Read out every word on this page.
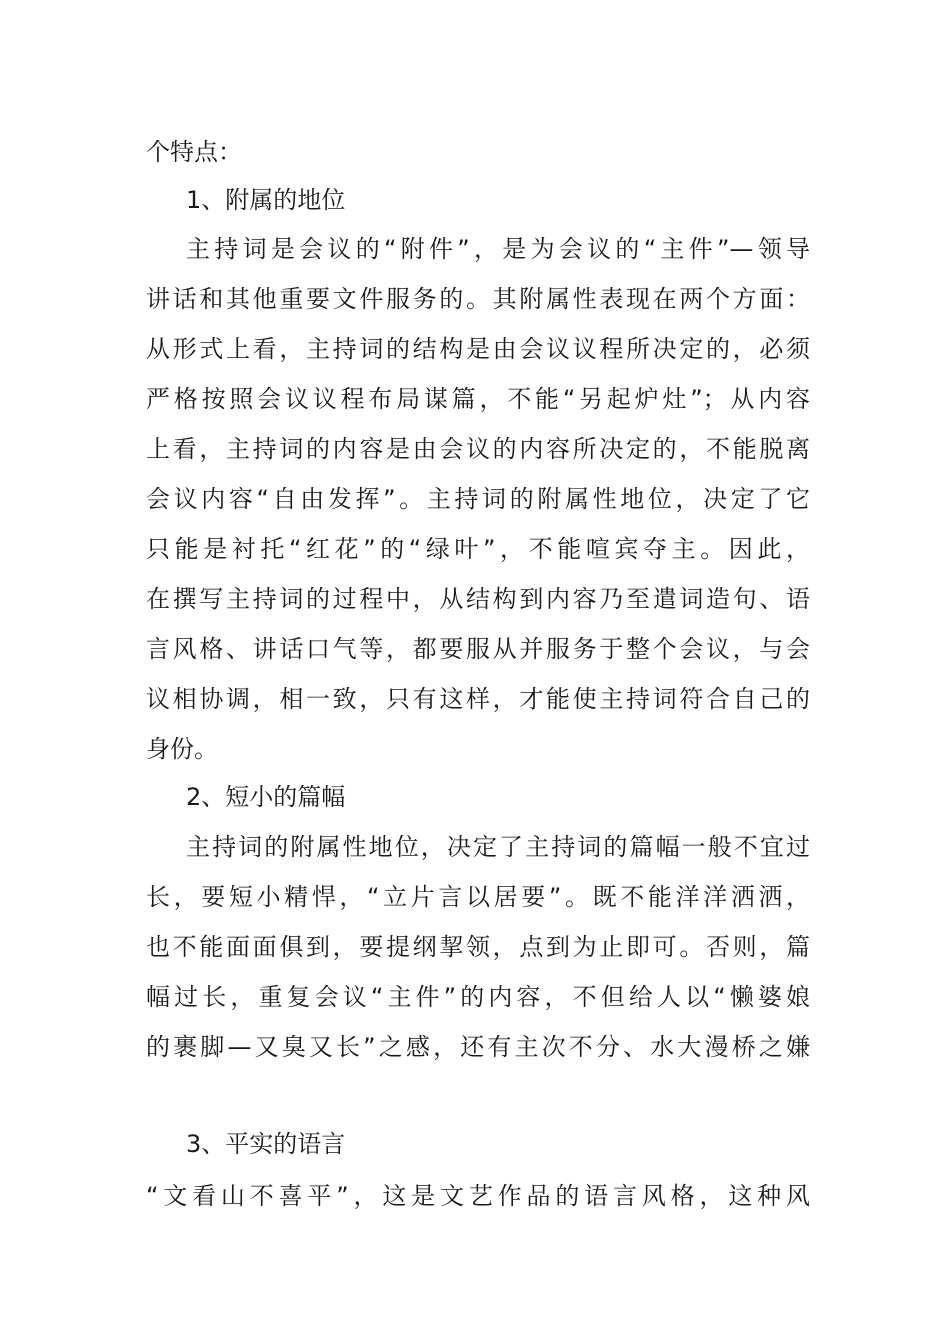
个特点：
1、附属的地位
主持词是会议的“附件”，是为会议的“主件”—领导
讲话和其他重要文件服务的。其附属性表现在两个方面：
从形式上看，主持词的结构是由会议议程所决定的，必须
严格按照会议议程布局谋篇，不能“另起炉灶”；从内容
上看，主持词的内容是由会议的内容所决定的，不能脱离
会议内容“自由发挥”。主持词的附属性地位，决定了它
只能是衬托“红花”的“绿叶”，不能喧宾夺主。因此，
在撰写主持词的过程中，从结构到内容乃至遣词造句、语
言风格、讲话口气等，都要服从并服务于整个会议，与会
议相协调，相一致，只有这样，才能使主持词符合自己的
身份。
2、短小的篇幅
主持词的附属性地位，决定了主持词的篇幅一般不宜过
长，要短小精悍，“立片言以居要”。既不能洋洋洒洒，
也不能面面俱到，要提纲挈领，点到为止即可。否则，篇
幅过长，重复会议“主件”的内容，不但给人以“懒婆娘
的裹脚—又臭又长”之感，还有主次不分、水大漫桥之嫌
3、平实的语言
“文看山不喜平”，这是文艺作品的语言风格，这种风
